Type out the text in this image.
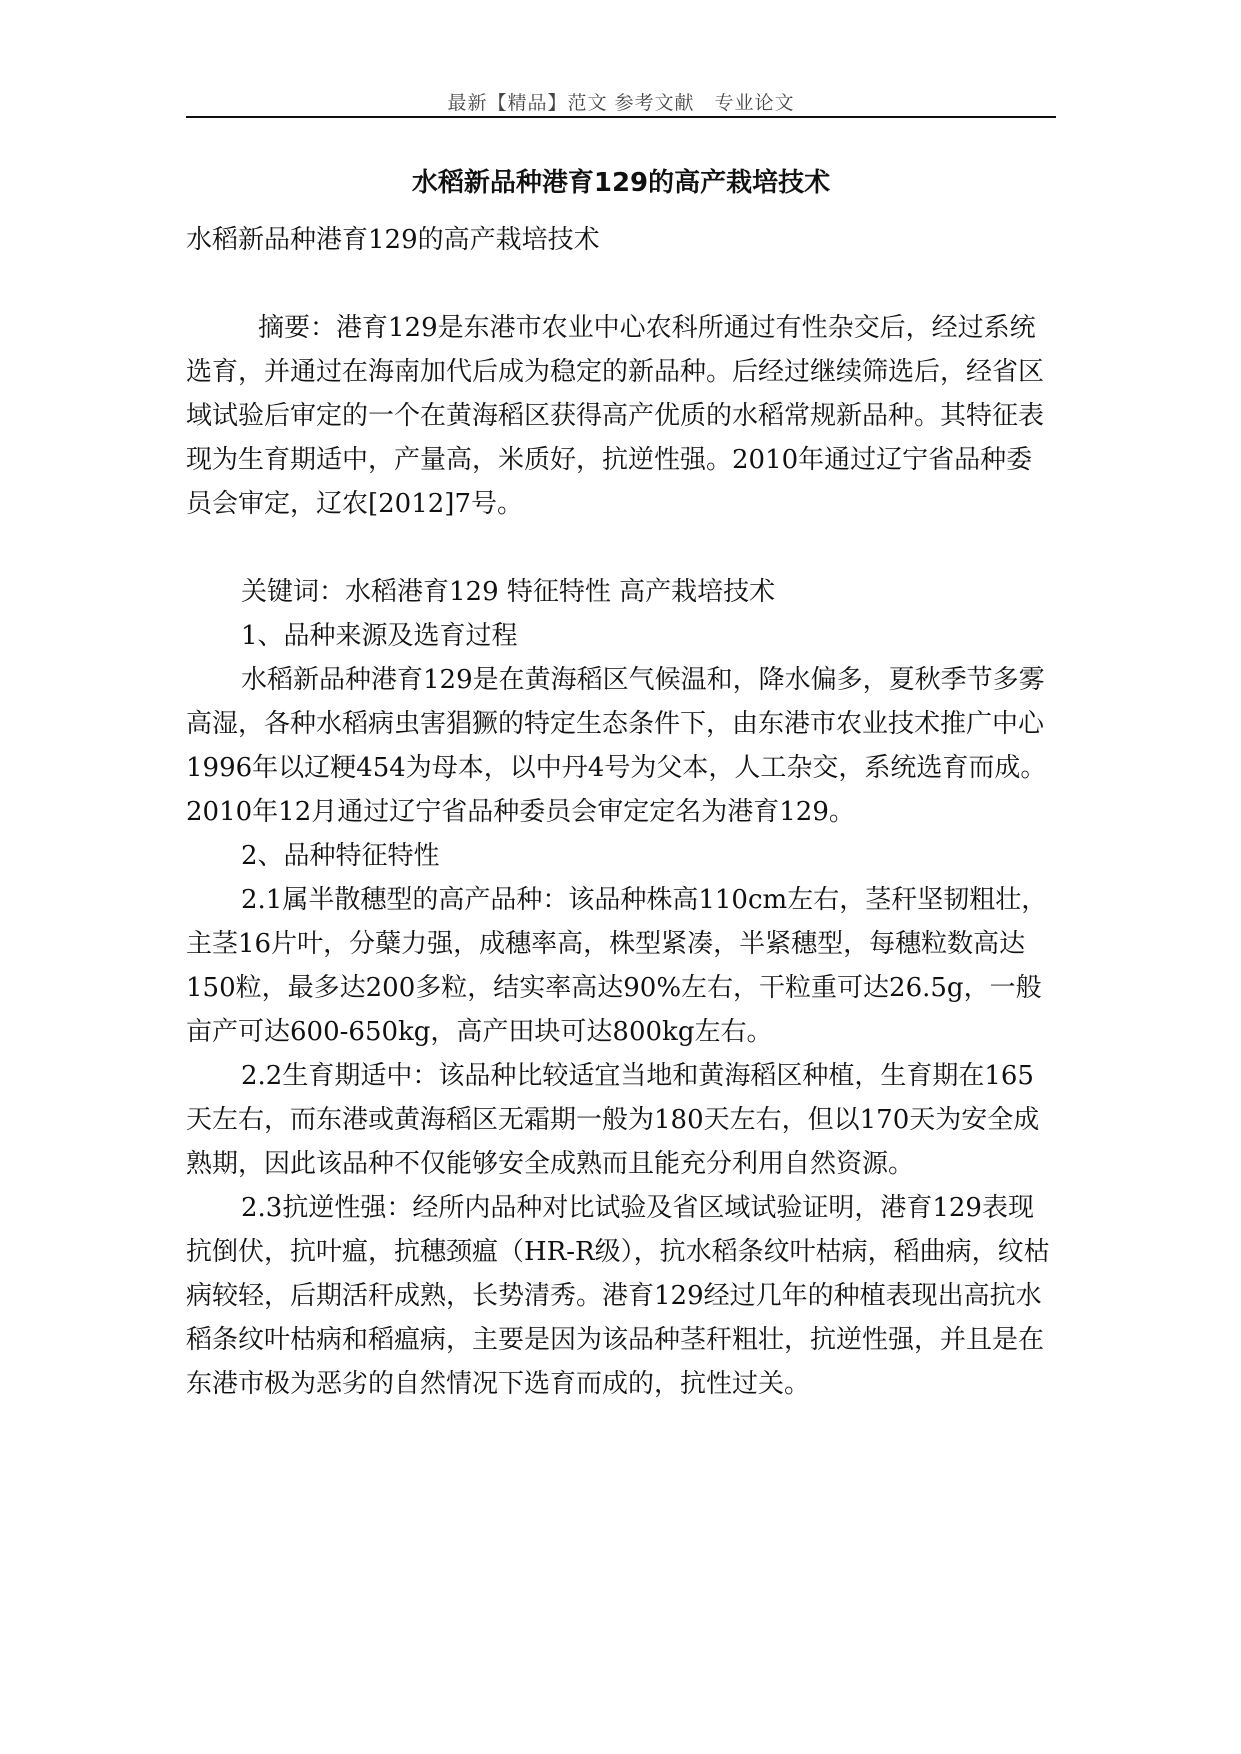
最新【精品】范文 参考文献　专业论文
水稻新品种港育129的高产栽培技术

水稻新品种港育129的高产栽培技术

摘要：港育129是东港市农业中心农科所通过有性杂交后，经过系统选育，并通过在海南加代后成为稳定的新品种。后经过继续筛选后，经省区域试验后审定的一个在黄海稻区获得高产优质的水稻常规新品种。其特征表现为生育期适中，产量高，米质好，抗逆性强。2010年通过辽宁省品种委员会审定，辽农[2012]7号。

关键词：水稻港育129 特征特性 高产栽培技术

1、品种来源及选育过程

水稻新品种港育129是在黄海稻区气候温和，降水偏多，夏秋季节多雾高湿，各种水稻病虫害猖獗的特定生态条件下，由东港市农业技术推广中心1996年以辽粳454为母本，以中丹4号为父本，人工杂交，系统选育而成。2010年12月通过辽宁省品种委员会审定定名为港育129。

2、品种特征特性

2.1属半散穗型的高产品种：该品种株高110cm左右，茎秆坚韧粗壮，主茎16片叶，分蘖力强，成穗率高，株型紧凑，半紧穗型，每穗粒数高达150粒，最多达200多粒，结实率高达90%左右，干粒重可达26.5g，一般亩产可达600-650kg，高产田块可达800kg左右。

2.2生育期适中：该品种比较适宜当地和黄海稻区种植，生育期在165天左右，而东港或黄海稻区无霜期一般为180天左右，但以170天为安全成熟期，因此该品种不仅能够安全成熟而且能充分利用自然资源。

2.3抗逆性强：经所内品种对比试验及省区域试验证明，港育129表现抗倒伏，抗叶瘟，抗穗颈瘟（HR-R级），抗水稻条纹叶枯病，稻曲病，纹枯病较轻，后期活秆成熟，长势清秀。港育129经过几年的种植表现出高抗水稻条纹叶枯病和稻瘟病，主要是因为该品种茎秆粗壮，抗逆性强，并且是在东港市极为恶劣的自然情况下选育而成的，抗性过关。
